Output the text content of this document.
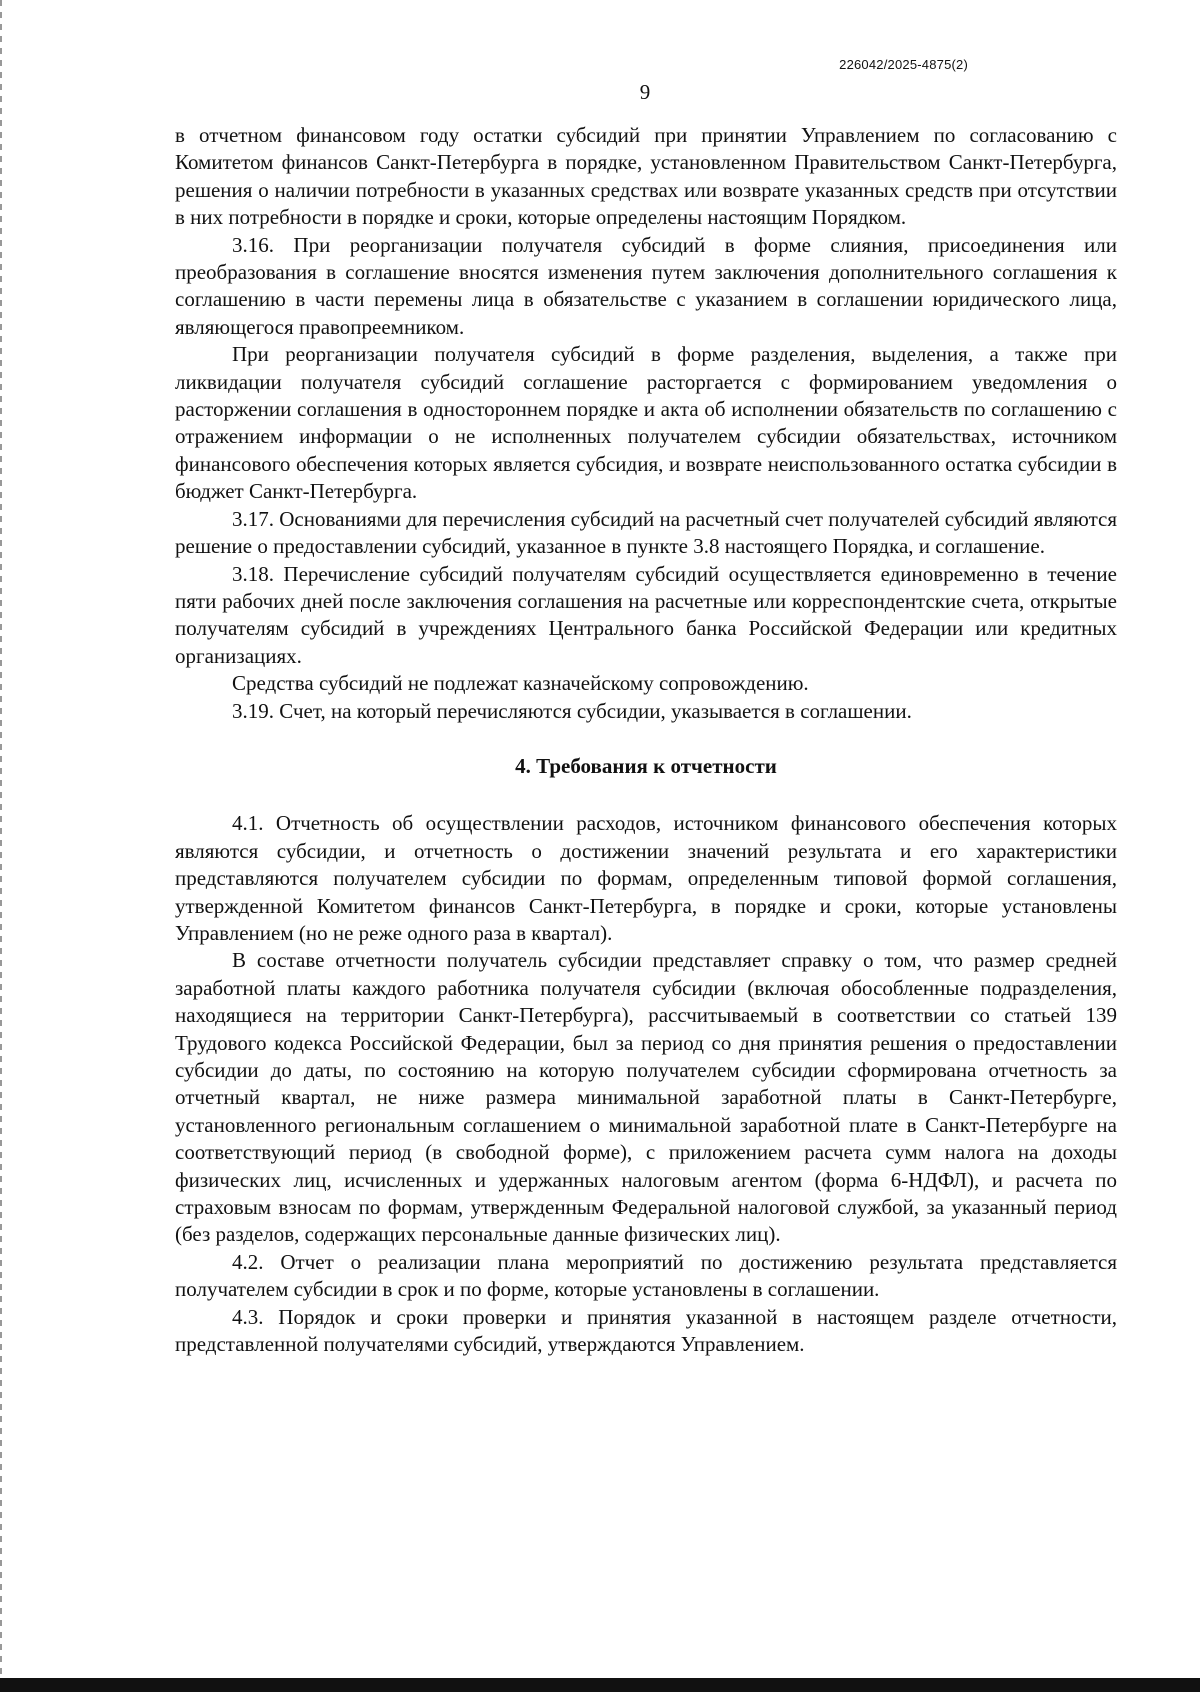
226042/2025-4875(2)
9

в отчетном финансовом году остатки субсидий при принятии Управлением по согласованию с Комитетом финансов Санкт-Петербурга в порядке, установленном Правительством Санкт-Петербурга, решения о наличии потребности в указанных средствах или возврате указанных средств при отсутствии в них потребности в порядке и сроки, которые определены настоящим Порядком.

3.16. При реорганизации получателя субсидий в форме слияния, присоединения или преобразования в соглашение вносятся изменения путем заключения дополнительного соглашения к соглашению в части перемены лица в обязательстве с указанием в соглашении юридического лица, являющегося правопреемником.

При реорганизации получателя субсидий в форме разделения, выделения, а также при ликвидации получателя субсидий соглашение расторгается с формированием уведомления о расторжении соглашения в одностороннем порядке и акта об исполнении обязательств по соглашению с отражением информации о не исполненных получателем субсидии обязательствах, источником финансового обеспечения которых является субсидия, и возврате неиспользованного остатка субсидии в бюджет Санкт-Петербурга.

3.17. Основаниями для перечисления субсидий на расчетный счет получателей субсидий являются решение о предоставлении субсидий, указанное в пункте 3.8 настоящего Порядка, и соглашение.

3.18. Перечисление субсидий получателям субсидий осуществляется единовременно в течение пяти рабочих дней после заключения соглашения на расчетные или корреспондентские счета, открытые получателям субсидий в учреждениях Центрального банка Российской Федерации или кредитных организациях.

Средства субсидий не подлежат казначейскому сопровождению.

3.19. Счет, на который перечисляются субсидии, указывается в соглашении.

4. Требования к отчетности

4.1. Отчетность об осуществлении расходов, источником финансового обеспечения которых являются субсидии, и отчетность о достижении значений результата и его характеристики представляются получателем субсидии по формам, определенным типовой формой соглашения, утвержденной Комитетом финансов Санкт-Петербурга, в порядке и сроки, которые установлены Управлением (но не реже одного раза в квартал).

В составе отчетности получатель субсидии представляет справку о том, что размер средней заработной платы каждого работника получателя субсидии (включая обособленные подразделения, находящиеся на территории Санкт-Петербурга), рассчитываемый в соответствии со статьей 139 Трудового кодекса Российской Федерации, был за период со дня принятия решения о предоставлении субсидии до даты, по состоянию на которую получателем субсидии сформирована отчетность за отчетный квартал, не ниже размера минимальной заработной платы в Санкт-Петербурге, установленного региональным соглашением о минимальной заработной плате в Санкт-Петербурге на соответствующий период (в свободной форме), с приложением расчета сумм налога на доходы физических лиц, исчисленных и удержанных налоговым агентом (форма 6-НДФЛ), и расчета по страховым взносам по формам, утвержденным Федеральной налоговой службой, за указанный период (без разделов, содержащих персональные данные физических лиц).

4.2. Отчет о реализации плана мероприятий по достижению результата представляется получателем субсидии в срок и по форме, которые установлены в соглашении.

4.3. Порядок и сроки проверки и принятия указанной в настоящем разделе отчетности, представленной получателями субсидий, утверждаются Управлением.
